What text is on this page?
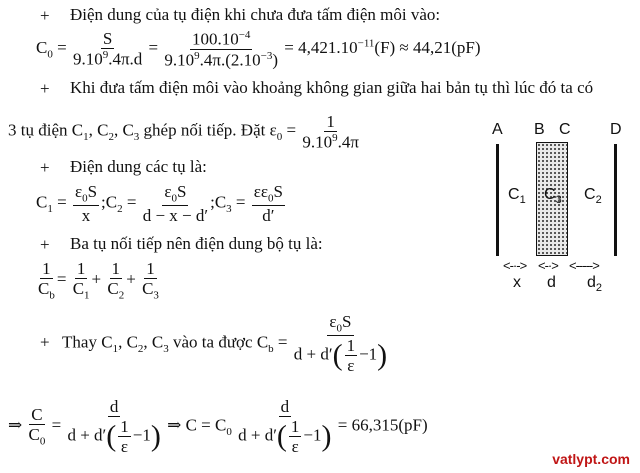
+ Điện dung của tụ điện khi chưa đưa tấm điện môi vào:
$C_0 = \frac{S}{9.10^9.4\pi.d} = \frac{100.10^{-4}}{9.10^9.4\pi.(2.10^{-3})} = 4,421.10^{-11}(F) \approx 44,21(pF)$
+ Khi đưa tấm điện môi vào khoảng không gian giữa hai bản tụ thì lúc đó ta có
3 tụ điện $C_1$, $C_2$, $C_3$ ghép nối tiếp. Đặt $\varepsilon_0 = \frac{1}{9.10^9.4\pi}$
+ Điện dung các tụ là:
$C_1 = \frac{\varepsilon_0S}{x}$ $;C_2 = \frac{\varepsilon_0S}{d - x - d'}$ $;C_3 = \frac{\varepsilon\varepsilon_0S}{d'}$
+ Ba tụ nối tiếp nên điện dung bộ tụ là:
$\frac{1}{C_b} = \frac{1}{C_1} + \frac{1}{C_2} + \frac{1}{C_3}$
+   Thay $C_1$, $C_2$, $C_3$ vào ta được $C_b = \frac{\varepsilon_0S}{d + d'( \frac{1}{\varepsilon} -1)}$
⇒ $\frac{C}{C_0} = \frac{d}{d + d'( \frac{1}{\varepsilon} -1)}$ ⇒ $C = C_0 \frac{d}{d + d'( \frac{1}{\varepsilon} -1)} = 66,315(pF)$
A B C D
$C_1$ $C_3$ $C_2$
<-·-> <-·> <----->
x d $d_2$
vatlypt.com
